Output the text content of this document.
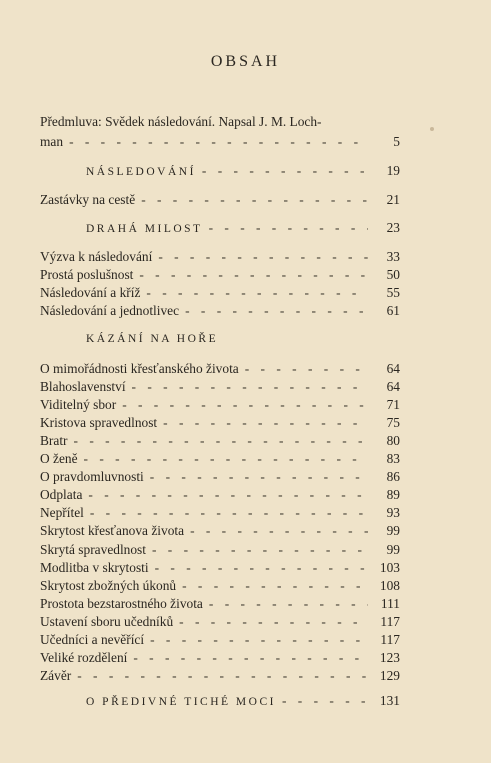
OBSAH
Předmluva: Svědek následování. Napsal J. M. Loch-
man - - -	5
NÁSLEDOVÁNÍ - - -	19
Zastávky na cestě - - -	21
DRAHÁ MILOST - - -	23
Výzva k následování - - -	33
Prostá poslušnost - - -	50
Následování a kříž - - -	55
Následování a jednotlivec - - -	61
KÁZÁNÍ NA HOŘE
O mimořádnosti křesťanského života - - -	64
Blahoslavenství - - -	64
Viditelný sbor - - -	71
Kristova spravedlnost - - -	75
Bratr - - -	80
O ženě - - -	83
O pravdomluvnosti - - -	86
Odplata - - -	89
Nepřítel - - -	93
Skrytost křesťanova života - - -	99
Skrytá spravedlnost - - -	99
Modlitba v skrytosti - - -	103
Skrytost zbožných úkonů - - -	108
Prostota bezstarostného života - - -	111
Ustavení sboru učedníků - - -	117
Učedníci a nevěřící - - -	117
Veliké rozdělení - - -	123
Závěr - - -	129
O PŘEDIVNÉ TICHÉ MOCI - - -	131
